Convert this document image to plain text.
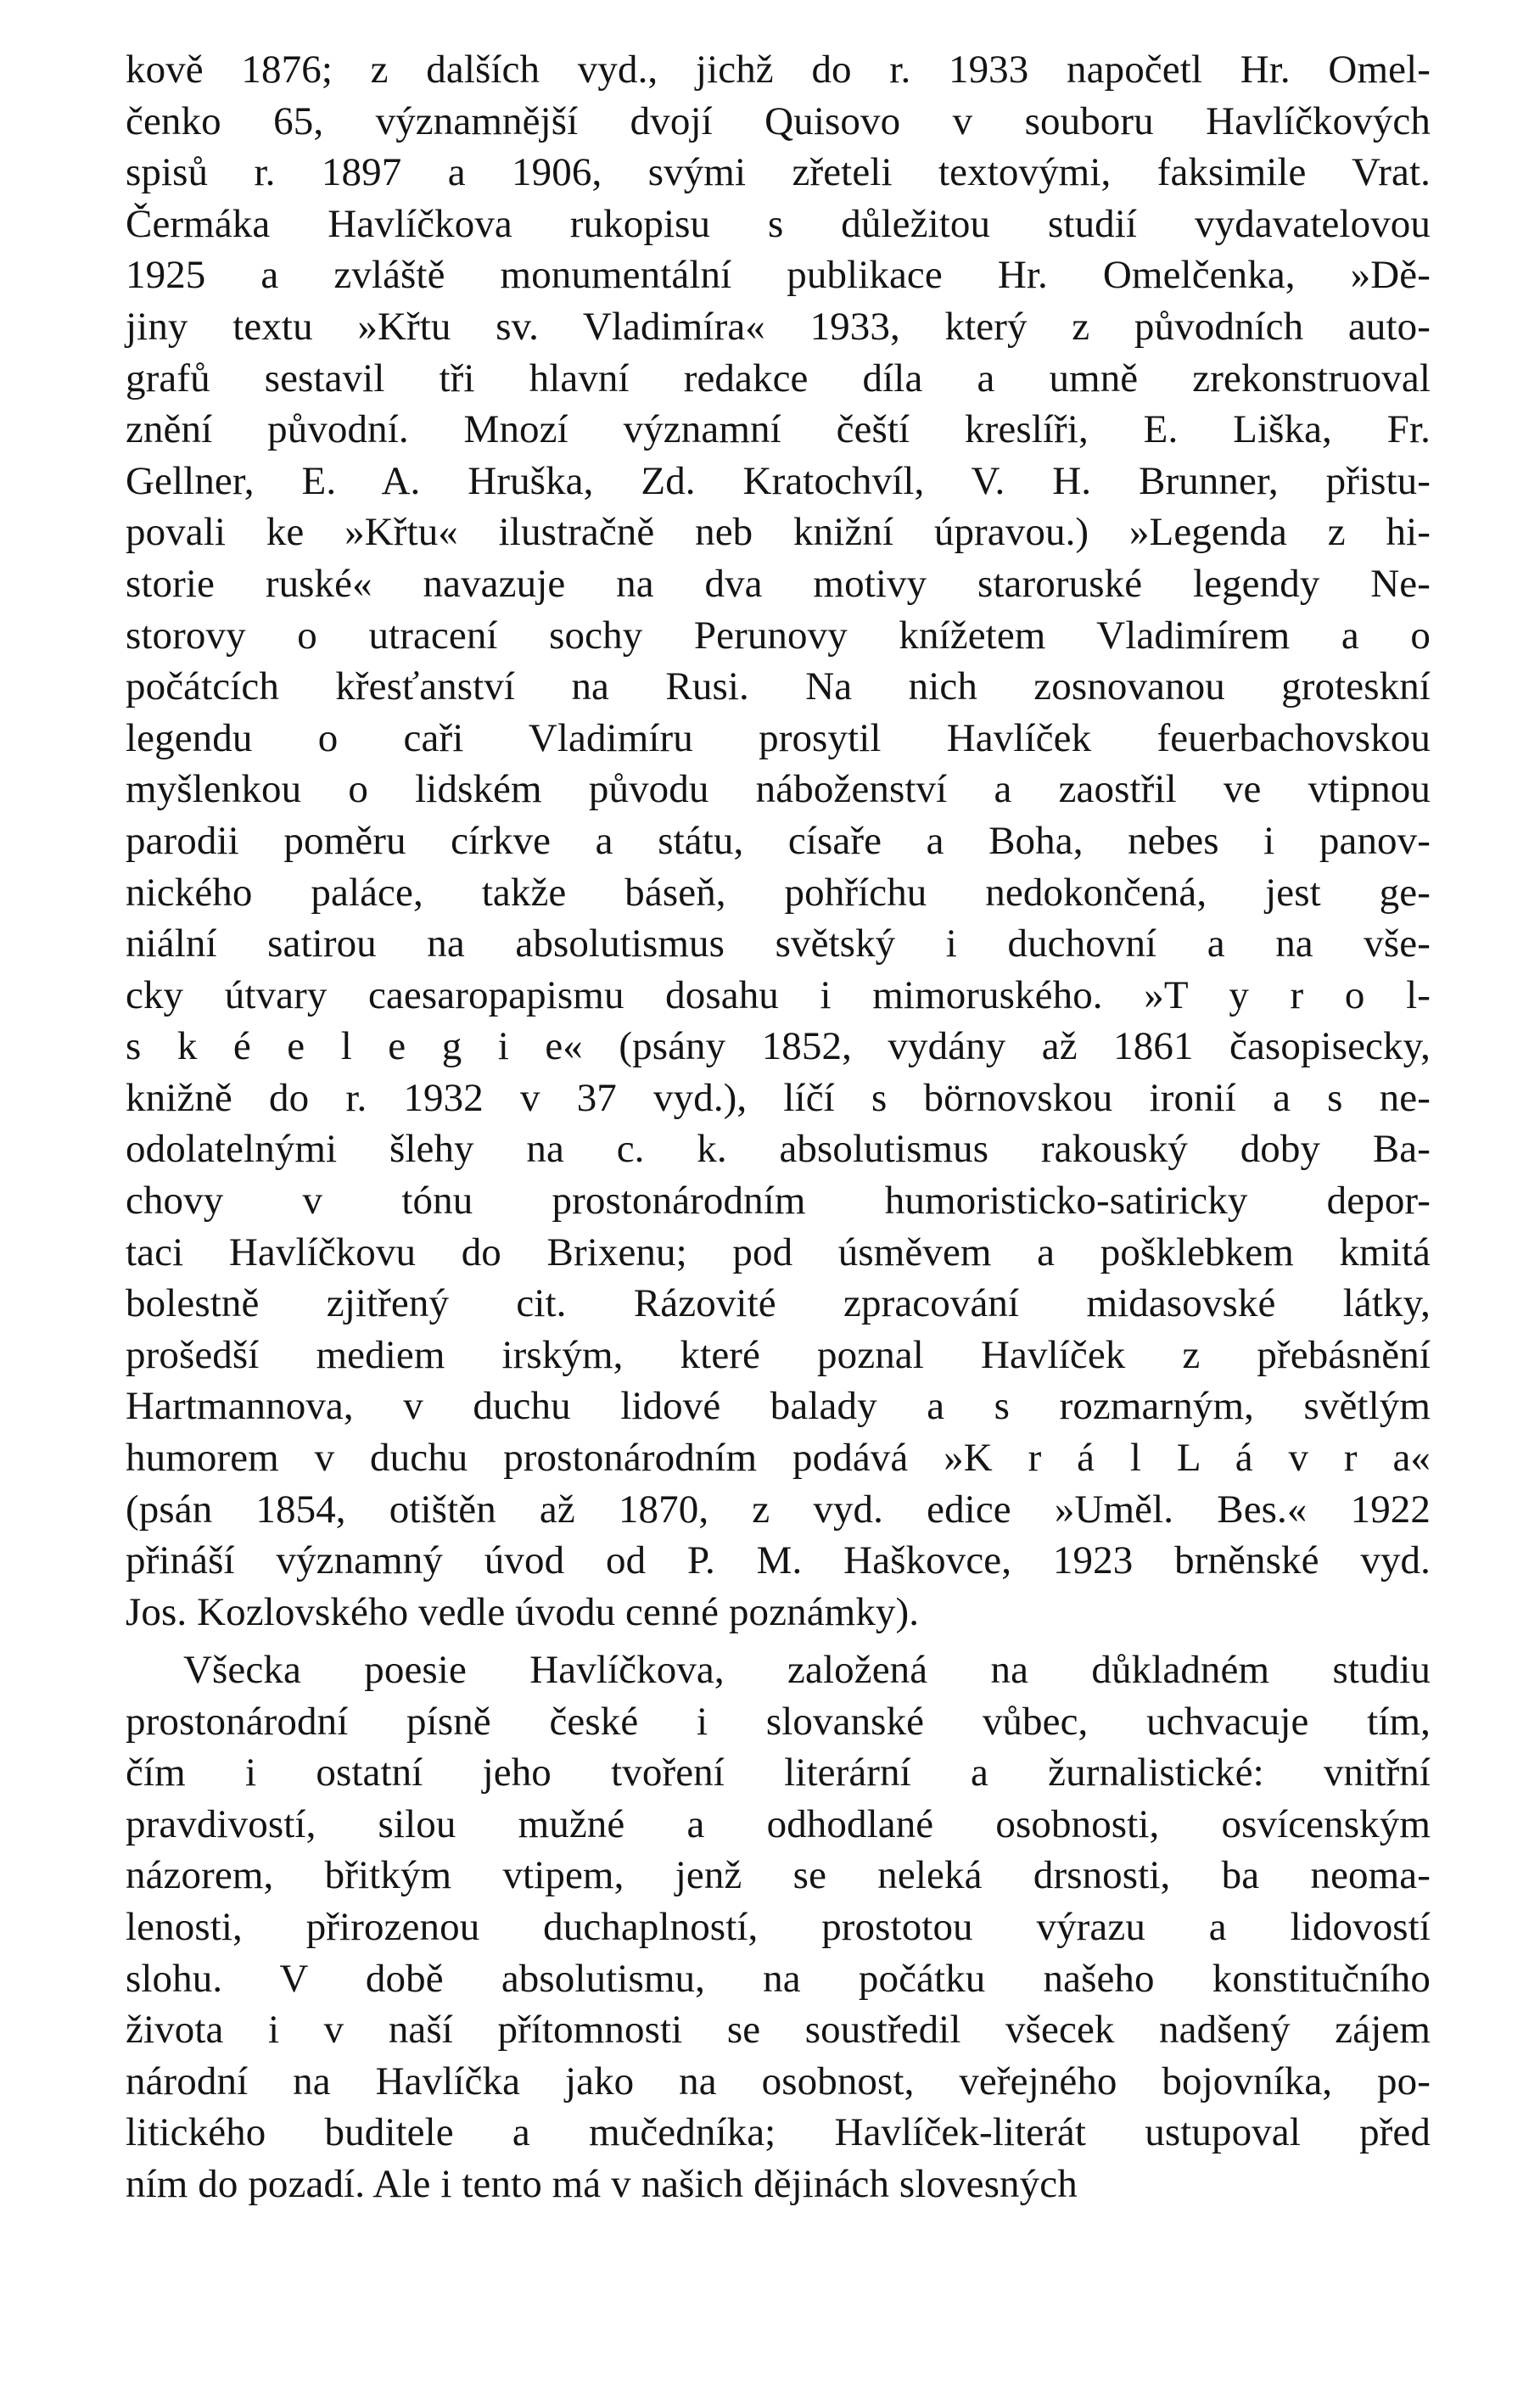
kově 1876; z dalších vyd., jichž do r. 1933 napočetl Hr. Omel-
čenko 65, významnější dvojí Quisovo v souboru Havlíčkových
spisů r. 1897 a 1906, svými zřeteli textovými, faksimile Vrat.
Čermáka Havlíčkova rukopisu s důležitou studií vydavatelovou
1925 a zvláště monumentální publikace Hr. Omelčenka, »Dě-
jiny textu »Křtu sv. Vladimíra« 1933, který z původních auto-
grafů sestavil tři hlavní redakce díla a umně zrekonstruoval
znění původní. Mnozí významní čeští kreslíři, E. Liška, Fr.
Gellner, E. A. Hruška, Zd. Kratochvíl, V. H. Brunner, přistu-
povali ke »Křtu« ilustračně neb knižní úpravou.) »Legenda z hi-
storie ruské« navazuje na dva motivy staroruské legendy Ne-
storovy o utracení sochy Perunovy knížetem Vladimírem a o
počátcích křesťanství na Rusi. Na nich zosnovanou groteskní
legendu o caři Vladimíru prosytil Havlíček feuerbachovskou
myšlenkou o lidském původu náboženství a zaostřil ve vtipnou
parodii poměru církve a státu, císaře a Boha, nebes i panov-
nického paláce, takže báseň, pohříchu nedokončená, jest ge-
niální satirou na absolutismus světský i duchovní a na vše-
cky útvary caesaropapismu dosahu i mimoruského. »T y r o l-
s k é e l e g i e« (psány 1852, vydány až 1861 časopisecky,
knižně do r. 1932 v 37 vyd.), líčí s börnovskou ironií a s ne-
odolatelnými šlehy na c. k. absolutismus rakouský doby Ba-
chovy v tónu prostonárodním humoristicko-satiricky depor-
taci Havlíčkovu do Brixenu; pod úsměvem a pošklebkem kmitá
bolestně zjitřený cit. Rázovité zpracování midasovské látky,
prošedší mediem irským, které poznal Havlíček z přebásnění
Hartmannova, v duchu lidové balady a s rozmarným, světlým
humorem v duchu prostonárodním podává »K r á l L á v r a«
(psán 1854, otištěn až 1870, z vyd. edice »Uměl. Bes.« 1922
přináší významný úvod od P. M. Haškovce, 1923 brněnské vyd.
Jos. Kozlovského vedle úvodu cenné poznámky).
Všecka poesie Havlíčkova, založená na důkladném studiu
prostonárodní písně české i slovanské vůbec, uchvacuje tím,
čím i ostatní jeho tvoření literární a žurnalistické: vnitřní
pravdivostí, silou mužné a odhodlané osobnosti, osvícenským
názorem, břitkým vtipem, jenž se neleká drsnosti, ba neoma-
lenosti, přirozenou duchaplností, prostotou výrazu a lidovostí
slohu. V době absolutismu, na počátku našeho konstitučního
života i v naší přítomnosti se soustředil všecek nadšený zájem
národní na Havlíčka jako na osobnost, veřejného bojovníka, po-
litického buditele a mučedníka; Havlíček-literát ustupoval před
ním do pozadí. Ale i tento má v našich dějinách slovesných
